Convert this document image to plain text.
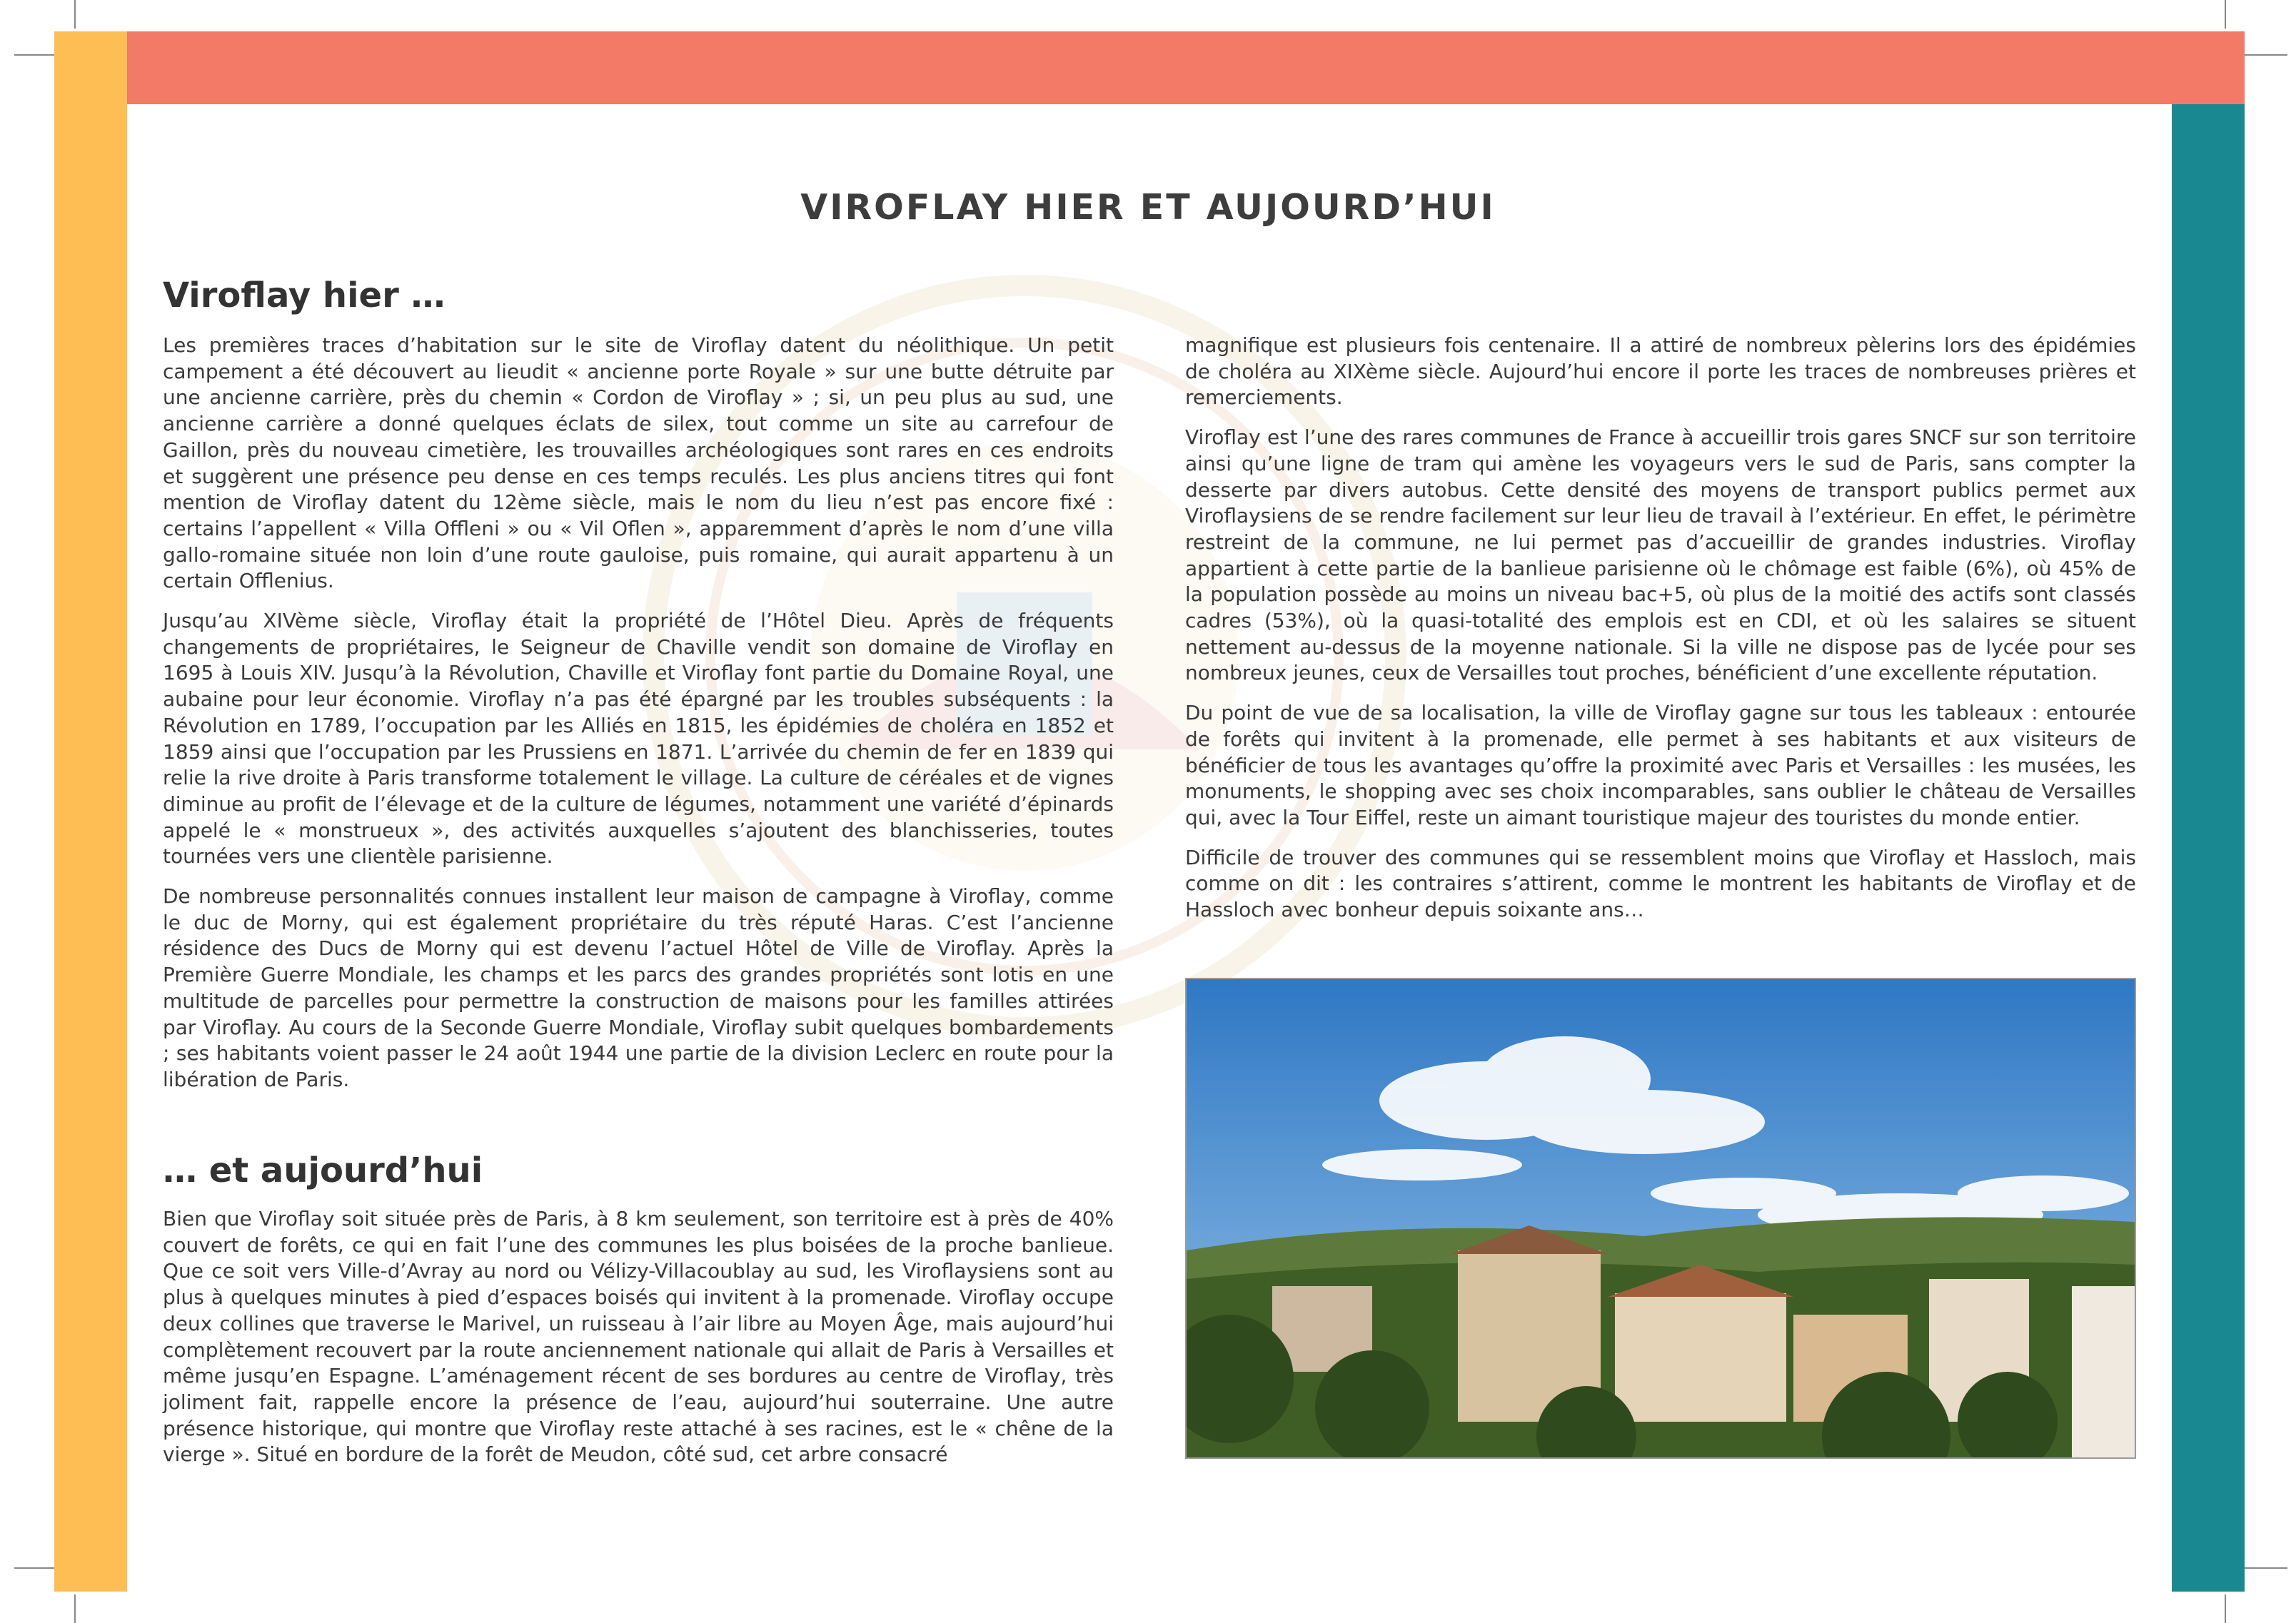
VIROFLAY HIER ET AUJOURD’HUI
Viroflay hier …

Les premières traces d’habitation sur le site de Viroflay datent du néolithique. Un petit campement a été découvert au lieudit « ancienne porte Royale » sur une butte détruite par une ancienne carrière, près du chemin « Cordon de Viroflay » ; si, un peu plus au sud, une ancienne carrière a donné quelques éclats de silex, tout comme un site au carrefour de Gaillon, près du nouveau cimetière, les trouvailles archéologiques sont rares en ces endroits et suggèrent une présence peu dense en ces temps reculés. Les plus anciens titres qui font mention de Viroflay datent du 12ème siècle, mais le nom du lieu n’est pas encore fixé : certains l’appellent « Villa Offleni » ou « Vil Oflen », apparemment d’après le nom d’une villa gallo-romaine située non loin d’une route gauloise, puis romaine, qui aurait appartenu à un certain Offlenius.

Jusqu’au XIVème siècle, Viroflay était la propriété de l’Hôtel Dieu. Après de fréquents changements de propriétaires, le Seigneur de Chaville vendit son domaine de Viroflay en 1695 à Louis XIV. Jusqu’à la Révolution, Chaville et Viroflay font partie du Domaine Royal, une aubaine pour leur économie. Viroflay n’a pas été épargné par les troubles subséquents : la Révolution en 1789, l’occupation par les Alliés en 1815, les épidémies de choléra en 1852 et 1859 ainsi que l’occupation par les Prussiens en 1871. L’arrivée du chemin de fer en 1839 qui relie la rive droite à Paris transforme totalement le village. La culture de céréales et de vignes diminue au profit de l’élevage et de la culture de légumes, notamment une variété d’épinards appelé le « monstrueux », des activités auxquelles s’ajoutent des blanchisseries, toutes tournées vers une clientèle parisienne.

De nombreuse personnalités connues installent leur maison de campagne à Viroflay, comme le duc de Morny, qui est également propriétaire du très réputé Haras. C’est l’ancienne résidence des Ducs de Morny qui est devenu l’actuel Hôtel de Ville de Viroflay. Après la Première Guerre Mondiale, les champs et les parcs des grandes propriétés sont lotis en une multitude de parcelles pour permettre la construction de maisons pour les familles attirées par Viroflay. Au cours de la Seconde Guerre Mondiale, Viroflay subit quelques bombardements ; ses habitants voient passer le 24 août 1944 une partie de la division Leclerc en route pour la libération de Paris.

… et aujourd’hui

Bien que Viroflay soit située près de Paris, à 8 km seulement, son territoire est à près de 40% couvert de forêts, ce qui en fait l’une des communes les plus boisées de la proche banlieue. Que ce soit vers Ville-d’Avray au nord ou Vélizy-Villacoublay au sud, les Viroflaysiens sont au plus à quelques minutes à pied d’espaces boisés qui invitent à la promenade. Viroflay occupe deux collines que traverse le Marivel, un ruisseau à l’air libre au Moyen Âge, mais aujourd’hui complètement recouvert par la route anciennement nationale qui allait de Paris à Versailles et même jusqu’en Espagne. L’aménagement récent de ses bordures au centre de Viroflay, très joliment fait, rappelle encore la présence de l’eau, aujourd’hui souterraine. Une autre présence historique, qui montre que Viroflay reste attaché à ses racines, est le « chêne de la vierge ». Situé en bordure de la forêt de Meudon, côté sud, cet arbre consacré

magnifique est plusieurs fois centenaire. Il a attiré de nombreux pèlerins lors des épidémies de choléra au XIXème siècle. Aujourd’hui encore il porte les traces de nombreuses prières et remerciements.

Viroflay est l’une des rares communes de France à accueillir trois gares SNCF sur son territoire ainsi qu’une ligne de tram qui amène les voyageurs vers le sud de Paris, sans compter la desserte par divers autobus. Cette densité des moyens de transport publics permet aux Viroflaysiens de se rendre facilement sur leur lieu de travail à l’extérieur. En effet, le périmètre restreint de la commune, ne lui permet pas d’accueillir de grandes industries. Viroflay appartient à cette partie de la banlieue parisienne où le chômage est faible (6%), où 45% de la population possède au moins un niveau bac+5, où plus de la moitié des actifs sont classés cadres (53%), où la quasi-totalité des emplois est en CDI, et où les salaires se situent nettement au-dessus de la moyenne nationale. Si la ville ne dispose pas de lycée pour ses nombreux jeunes, ceux de Versailles tout proches, bénéficient d’une excellente réputation.

Du point de vue de sa localisation, la ville de Viroflay gagne sur tous les tableaux : entourée de forêts qui invitent à la promenade, elle permet à ses habitants et aux visiteurs de bénéficier de tous les avantages qu’offre la proximité avec Paris et Versailles : les musées, les monuments, le shopping avec ses choix incomparables, sans oublier le château de Versailles qui, avec la Tour Eiffel, reste un aimant touristique majeur des touristes du monde entier.

Difficile de trouver des communes qui se ressemblent moins que Viroflay et Hassloch, mais comme on dit : les contraires s’attirent, comme le montrent les habitants de Viroflay et de Hassloch avec bonheur depuis soixante ans…
